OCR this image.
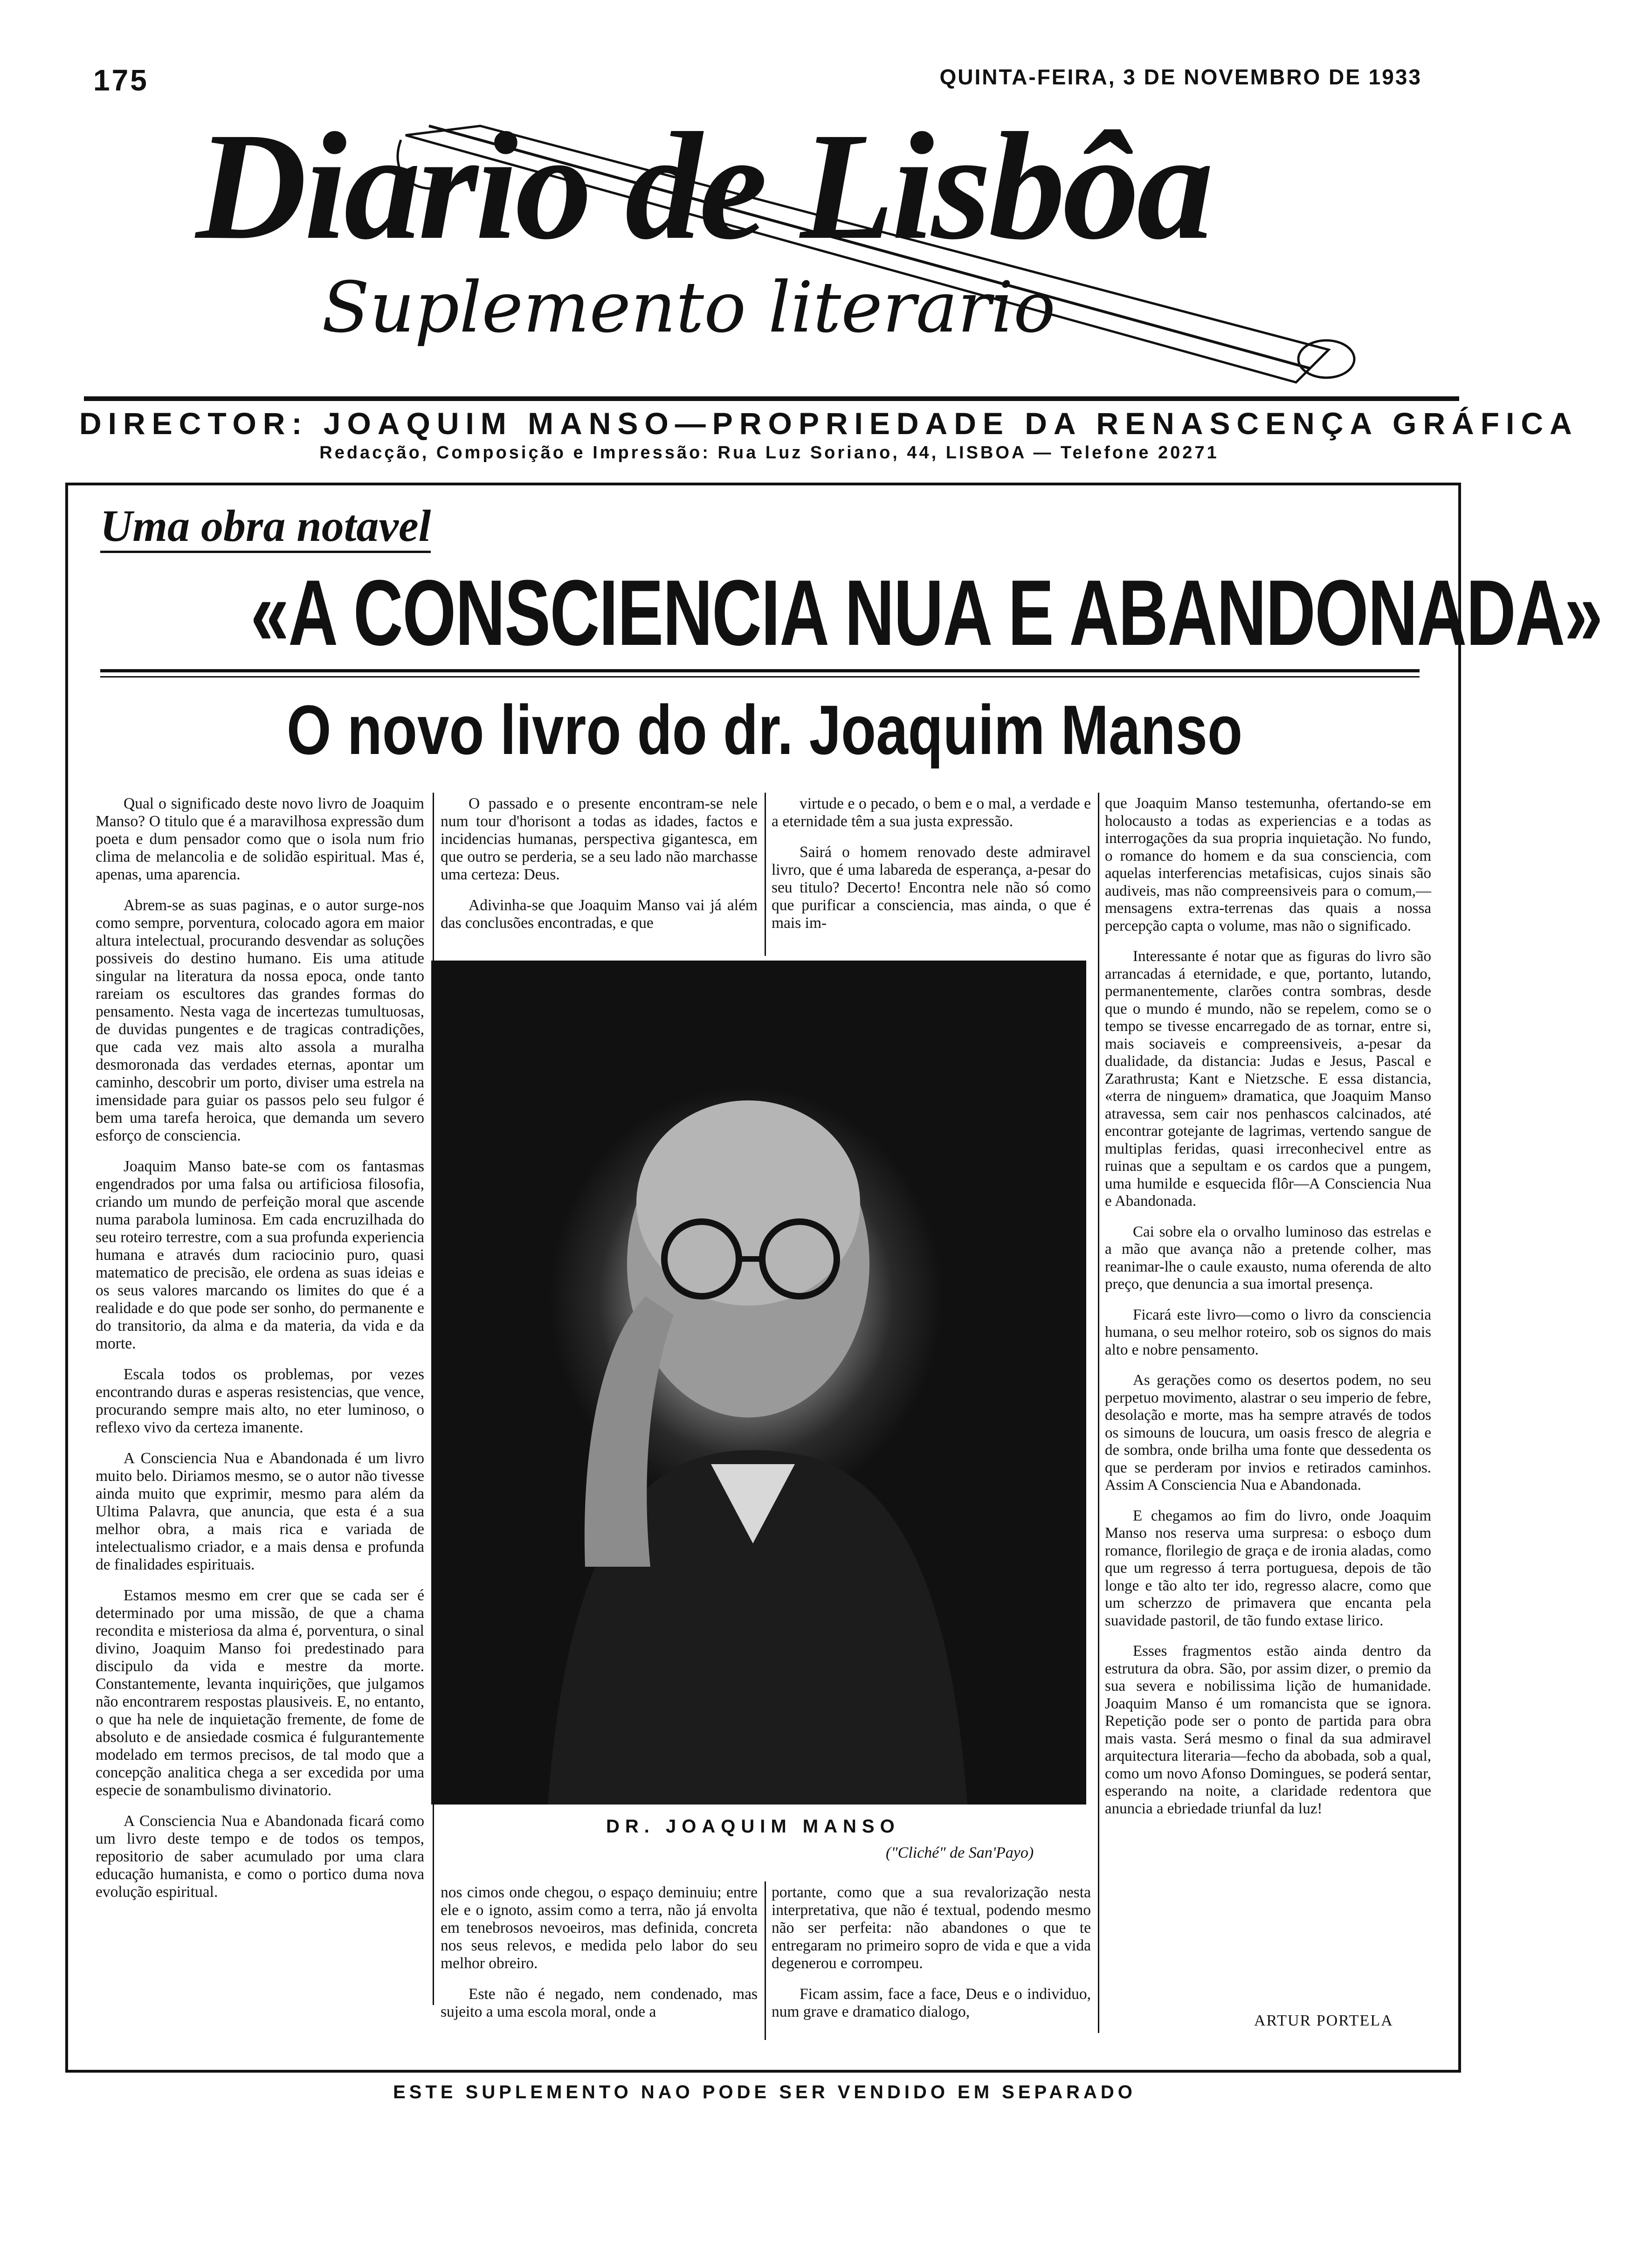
175	QUINTA-FEIRA, 3 DE NOVEMBRO DE 1933
Diario de Lisbôa
Suplemento literario
DIRECTOR: JOAQUIM MANSO—PROPRIEDADE DA RENASCENÇA GRÁFICA
Redacção, Composição e Impressão: Rua Luz Soriano, 44, LISBOA — Telefone 20271
Uma obra notavel
«A CONSCIENCIA NUA E ABANDONADA»
O novo livro do dr. Joaquim Manso

Qual o significado deste novo livro de Joaquim Manso? O titulo que é a maravilhosa expressão dum poeta e dum pensador como que o isola num frio clima de melancolia e de solidão espiritual. Mas é, apenas, uma aparencia.

Abrem-se as suas paginas, e o autor surge-nos como sempre, porventura, colocado agora em maior altura intelectual, procurando desvendar as soluções possiveis do destino humano. Eis uma atitude singular na literatura da nossa epoca, onde tanto rareiam os escultores das grandes formas do pensamento. Nesta vaga de incertezas tumultuosas, de duvidas pungentes e de tragicas contradições, que cada vez mais alto assola a muralha desmoronada das verdades eternas, apontar um caminho, descobrir um porto, diviser uma estrela na imensidade para guiar os passos pelo seu fulgor é bem uma tarefa heroica, que demanda um severo esforço de consciencia.

Joaquim Manso bate-se com os fantasmas engendrados por uma falsa ou artificiosa filosofia, criando um mundo de perfeição moral que ascende numa parabola luminosa. Em cada encruzilhada do seu roteiro terrestre, com a sua profunda experiencia humana e através dum raciocinio puro, quasi matematico de precisão, ele ordena as suas ideias e os seus valores marcando os limites do que é a realidade e do que pode ser sonho, do permanente e do transitorio, da alma e da materia, da vida e da morte.

Escala todos os problemas, por vezes encontrando duras e asperas resistencias, que vence, procurando sempre mais alto, no eter luminoso, o reflexo vivo da certeza imanente.

A Consciencia Nua e Abandonada é um livro muito belo. Diriamos mesmo, se o autor não tivesse ainda muito que exprimir, mesmo para além da Ultima Palavra, que anuncia, que esta é a sua melhor obra, a mais rica e variada de intelectualismo criador, e a mais densa e profunda de finalidades espirituais.

Estamos mesmo em crer que se cada ser é determinado por uma missão, de que a chama recondita e misteriosa da alma é, porventura, o sinal divino, Joaquim Manso foi predestinado para discipulo da vida e mestre da morte. Constantemente, levanta inquirições, que julgamos não encontrarem respostas plausiveis. E, no entanto, o que ha nele de inquietação fremente, de fome de absoluto e de ansiedade cosmica é fulgurantemente modelado em termos precisos, de tal modo que a concepção analitica chega a ser excedida por uma especie de sonambulismo divinatorio.

A Consciencia Nua e Abandonada ficará como um livro deste tempo e de todos os tempos, repositorio de saber acumulado por uma clara educação humanista, e como o portico duma nova evolução espiritual.

O passado e o presente encontram-se nele num tour d'horisont a todas as idades, factos e incidencias humanas, perspectiva gigantesca, em que outro se perderia, se a seu lado não marchasse uma certeza: Deus.

Adivinha-se que Joaquim Manso vai já além das conclusões encontradas, e que

virtude e o pecado, o bem e o mal, a verdade e a eternidade têm a sua justa expressão.

Sairá o homem renovado deste admiravel livro, que é uma labareda de esperança, a-pesar do seu titulo? Decerto! Encontra nele não só como que purificar a consciencia, mas ainda, o que é mais im-

DR. JOAQUIM MANSO
("Cliché" de San'Payo)

nos cimos onde chegou, o espaço deminuiu; entre ele e o ignoto, assim como a terra, não já envolta em tenebrosos nevoeiros, mas definida, concreta nos seus relevos, e medida pelo labor do seu melhor obreiro.

Este não é negado, nem condenado, mas sujeito a uma escola moral, onde a

portante, como que a sua revalorização nesta interpretativa, que não é textual, podendo mesmo não ser perfeita: não abandones o que te entregaram no primeiro sopro de vida e que a vida degenerou e corrompeu.

Ficam assim, face a face, Deus e o individuo, num grave e dramatico dialogo,

que Joaquim Manso testemunha, ofertando-se em holocausto a todas as experiencias e a todas as interrogações da sua propria inquietação. No fundo, o romance do homem e da sua consciencia, com aquelas interferencias metafisicas, cujos sinais são audiveis, mas não compreensiveis para o comum,—mensagens extra-terrenas das quais a nossa percepção capta o volume, mas não o significado.

Interessante é notar que as figuras do livro são arrancadas á eternidade, e que, portanto, lutando, permanentemente, clarões contra sombras, desde que o mundo é mundo, não se repelem, como se o tempo se tivesse encarregado de as tornar, entre si, mais sociaveis e compreensiveis, a-pesar da dualidade, da distancia: Judas e Jesus, Pascal e Zarathrusta; Kant e Nietzsche. E essa distancia, «terra de ninguem» dramatica, que Joaquim Manso atravessa, sem cair nos penhascos calcinados, até encontrar gotejante de lagrimas, vertendo sangue de multiplas feridas, quasi irreconhecivel entre as ruinas que a sepultam e os cardos que a pungem, uma humilde e esquecida flôr—A Consciencia Nua e Abandonada.

Cai sobre ela o orvalho luminoso das estrelas e a mão que avança não a pretende colher, mas reanimar-lhe o caule exausto, numa oferenda de alto preço, que denuncia a sua imortal presença.

Ficará este livro—como o livro da consciencia humana, o seu melhor roteiro, sob os signos do mais alto e nobre pensamento.

As gerações como os desertos podem, no seu perpetuo movimento, alastrar o seu imperio de febre, desolação e morte, mas ha sempre através de todos os simouns de loucura, um oasis fresco de alegria e de sombra, onde brilha uma fonte que dessedenta os que se perderam por invios e retirados caminhos. Assim A Consciencia Nua e Abandonada.

E chegamos ao fim do livro, onde Joaquim Manso nos reserva uma surpresa: o esboço dum romance, florilegio de graça e de ironia aladas, como que um regresso á terra portuguesa, depois de tão longe e tão alto ter ido, regresso alacre, como que um scherzzo de primavera que encanta pela suavidade pastoril, de tão fundo extase lirico.

Esses fragmentos estão ainda dentro da estrutura da obra. São, por assim dizer, o premio da sua severa e nobilissima lição de humanidade. Joaquim Manso é um romancista que se ignora. Repetição pode ser o ponto de partida para obra mais vasta. Será mesmo o final da sua admiravel arquitectura literaria—fecho da abobada, sob a qual, como um novo Afonso Domingues, se poderá sentar, esperando na noite, a claridade redentora que anuncia a ebriedade triunfal da luz!

ARTUR PORTELA
ESTE SUPLEMENTO NAO PODE SER VENDIDO EM SEPARADO
